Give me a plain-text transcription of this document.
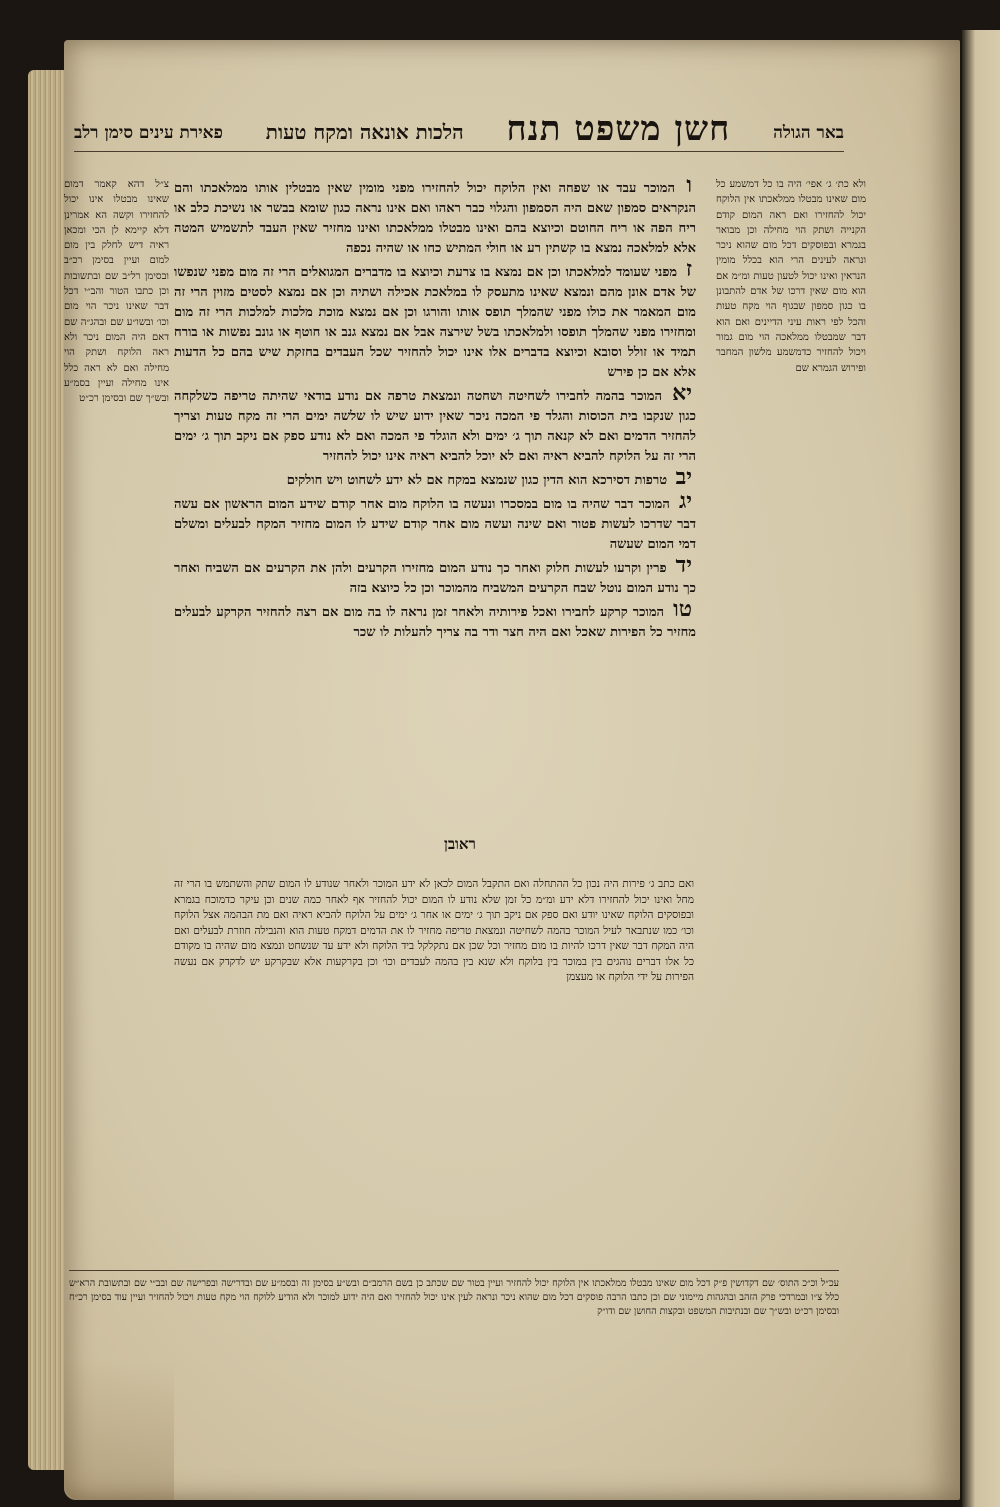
באר הגולה
חשן משפט תנח
הלכות אונאה ומקח טעות
פאירת עינים סימן רלב
ולא כת׳ ג׳ אפי׳ היה בו כל דמשמע כל מום שאינו מבטלו ממלאכתו אין הלוקח יכול להחזירו ואם ראה המום קודם הקנייה ושתק הוי מחילה וכן מבואר בגמרא ובפוסקים דכל מום שהוא ניכר ונראה לעינים הרי הוא בכלל מומין הנראין ואינו יכול לטעון טעות ומ״מ אם הוא מום שאין דרכו של אדם להתבונן בו כגון סמפון שבגוף הוי מקח טעות והכל לפי ראות עיני הדיינים ואם הוא דבר שמבטלו ממלאכה הוי מום גמור ויכול להחזיר כדמשמע מלשון המחבר ופירוש הגמרא שם
צ״ל דהא קאמר דמום שאינו מבטלו אינו יכול להחזירו וקשה הא אמרינן דלא קיימא לן הכי ומכאן ראיה דיש לחלק בין מום למום ועיין בסימן רכ״ב ובסימן רל״ב שם ובתשובות וכן כתבו הטור והב״י דכל דבר שאינו ניכר הוי מום וכו׳ ובשו״ע שם ובהג״ה שם דאם היה המום ניכר ולא ראה הלוקח ושתק הוי מחילה ואם לא ראה כלל אינו מחילה ועיין בסמ״ע ובש״ך שם ובסימן רכ״ט
ו המוכר עבד או שפחה ואין הלוקח יכול להחזירו מפני מומין שאין מבטלין אותו ממלאכתו והם הנקראים סמפון שאם היה הסמפון והגלוי כבר ראהו ואם אינו נראה כגון שומא בבשר או נשיכת כלב או ריח הפה או ריח החוטם וכיוצא בהם ואינו מבטלו ממלאכתו ואינו מחזיר שאין העבד לתשמיש המטה אלא למלאכה נמצא בו קשתין רע או חולי המתיש כחו או שהיה נכפה
ז מפני שעומד למלאכתו וכן אם נמצא בו צרעת וכיוצא בו מדברים המגואלים הרי זה מום מפני שנפשו של אדם אונן מהם ונמצא שאינו מתעסק לו במלאכת אכילה ושתיה וכן אם נמצא לסטים מזוין הרי זה מום המאמר את כולו מפני שהמלך תופס אותו והורגו וכן אם נמצא מוכת מלכות למלכות הרי זה מום ומחזירו מפני שהמלך תופסו ולמלאכתו בשל שירצה אבל אם נמצא גנב או חוטף או גונב נפשות או בורח תמיד או זולל וסובא וכיוצא בדברים אלו אינו יכול להחזיר שכל העבדים בחזקת שיש בהם כל הדעות אלא אם כן פירש
יא המוכר בהמה לחבירו לשחיטה ושחטה ונמצאת טרפה אם נודע בודאי שהיתה טריפה כשלקחה כגון שנקבו בית הכוסות והגלד פי המכה ניכר שאין ידוע שיש לו שלשה ימים הרי זה מקח טעות וצריך להחזיר הדמים ואם לא קנאה תוך ג׳ ימים ולא הוגלד פי המכה ואם לא נודע ספק אם ניקב תוך ג׳ ימים הרי זה על הלוקח להביא ראיה ואם לא יוכל להביא ראיה אינו יכול להחזיר
יב טרפות דסירכא הוא הדין כגון שנמצא במקח אם לא ידע לשחוט ויש חולקים
יג המוכר דבר שהיה בו מום במסכרו ונעשה בו הלוקח מום אחר קודם שידע המום הראשון אם עשה דבר שדרכו לעשות פטור ואם שינה ועשה מום אחר קודם שידע לו המום מחזיר המקח לבעלים ומשלם דמי המום שעשה
יד פרין וקרעו לעשות חלוק ואחר כך נודע המום מחזירו הקרעים ולהן את הקרעים אם השביח ואחר כך נודע המום נוטל שבח הקרעים המשביח מהמוכר וכן כל כיוצא בזה
טו המוכר קרקע לחבירו ואכל פירותיה ולאחר זמן נראה לו בה מום אם רצה להחזיר הקרקע לבעלים מחזיר כל הפירות שאכל ואם היה חצר ודר בה צריך להעלות לו שכר
ראובן
ואם כתב ג׳ פירות היה נכון כל ההתחלה ואם התקבל המום לכאן לא ידע המוכר ולאחר שנודע לו המום שתק והשתמש בו הרי זה מחל ואינו יכול להחזירו דלא ידע ומ״מ כל זמן שלא נודע לו המום יכול להחזיר אף לאחר כמה שנים וכן עיקר כדמוכח בגמרא ובפוסקים הלוקח שאינו יודע ואם ספק אם ניקב תוך ג׳ ימים או אחר ג׳ ימים על הלוקח להביא ראיה ואם מת הבהמה אצל הלוקח וכו׳ כמו שנתבאר לעיל המוכר בהמה לשחיטה ונמצאת טריפה מחזיר לו את הדמים דמקח טעות הוא והנבילה חוזרת לבעלים ואם היה המקח דבר שאין דרכו להיות בו מום מחזיר וכל שכן אם נתקלקל ביד הלוקח ולא ידע עד שנשחט ונמצא מום שהיה בו מקודם כל אלו דברים נוהגים בין במוכר בין בלוקח ולא שנא בין בהמה לעבדים וכו׳ וכן בקרקעות אלא שבקרקע יש לדקדק אם נעשה הפירות על ידי הלוקח או מעצמן
עכ״ל וכ״כ התוס׳ שם דקדושין פ״ק דכל מום שאינו מבטלו ממלאכתו אין הלוקח יכול להחזיר ועיין בטור שם שכתב כן בשם הרמב״ם ובש״ע בסימן זה ובסמ״ע שם ובדרישה ובפרישה שם ובב״י שם ובתשובת הרא״ש כלל צ״ו ובמרדכי פרק הזהב ובהגהות מיימוני שם וכן כתבו הרבה פוסקים דכל מום שהוא ניכר ונראה לעין אינו יכול להחזיר ואם היה ידוע למוכר ולא הודיע ללוקח הוי מקח טעות ויכול להחזיר ועיין עוד בסימן רכ״ח ובסימן רכ״ט ובש״ך שם ובנתיבות המשפט ובקצות החושן שם ודו״ק
